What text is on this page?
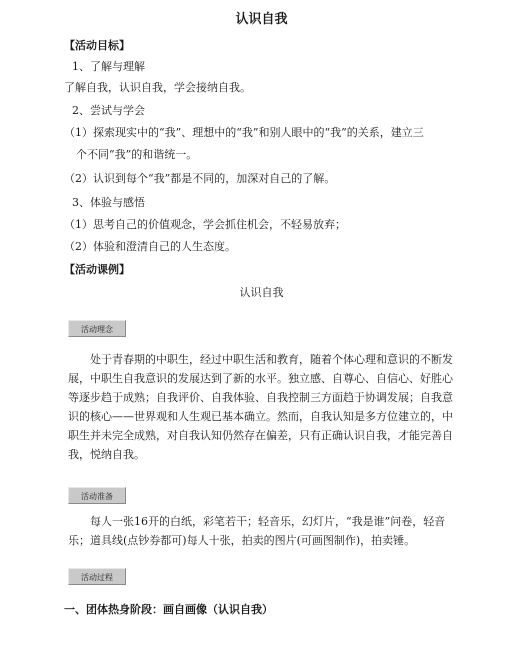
认识自我
【活动目标】
1、了解与理解
了解自我，认识自我，学会接纳自我。
2、尝试与学会
（1）探索现实中的“我”、理想中的“我”和别人眼中的“我”的关系，建立三
个不同“我”的和谐统一。
（2）认识到每个“我”都是不同的，加深对自己的了解。
3、体验与感悟
（1）思考自己的价值观念，学会抓住机会，不轻易放弃；
（2）体验和澄清自己的人生态度。
【活动课例】
认识自我
活动理念
处于青春期的中职生，经过中职生活和教育，随着个体心理和意识的不断发
展，中职生自我意识的发展达到了新的水平。独立感、自尊心、自信心、好胜心
等逐步趋于成熟；自我评价、自我体验、自我控制三方面趋于协调发展；自我意
识的核心——世界观和人生观已基本确立。然而，自我认知是多方位建立的，中
职生并未完全成熟，对自我认知仍然存在偏差，只有正确认识自我，才能完善自
我，悦纳自我。
活动准备
每人一张16开的白纸，彩笔若干；轻音乐，幻灯片，“我是谁”问卷，轻音
乐；道具线(点钞券都可)每人十张，拍卖的图片(可画图制作)，拍卖锤。
活动过程
一、团体热身阶段：画自画像（认识自我）
